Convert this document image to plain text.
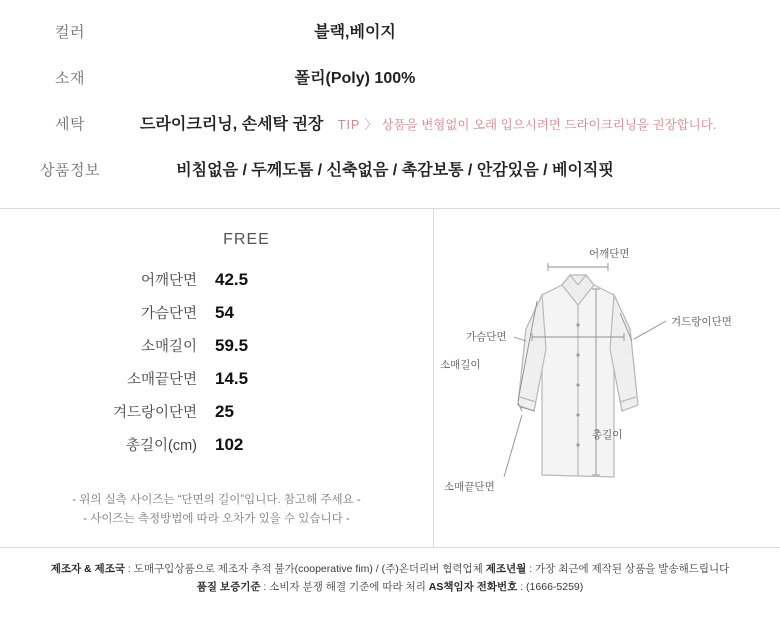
컬러	블랙,베이지
소재	폴리(Poly) 100%
세탁	드라이크리닝, 손세탁 권장 TIP 〉 상품을 변형없이 오래 입으시려면 드라이크리닝을 권장합니다.
상품정보	비침없음 / 두께도톰 / 신축없음 / 촉감보통 / 안감있음 / 베이직핏
FREE
어깨단면	42.5
가슴단면	54
소매길이	59.5
소매끝단면	14.5
겨드랑이단면	25
총길이(cm)	102
- 위의 실측 사이즈는 “단면의 길이”입니다. 참고해 주세요 -
- 사이즈는 측정방법에 따라 오차가 있을 수 있습니다 -
어깨단면
가슴단면
소매길이
겨드랑이단면
총길이
소매끝단면
제조자 & 제조국 : 도매구입상품으로 제조자 추적 불가(cooperative fim) / (주)온더리버 협력업체 제조년월 : 가장 최근에 제작된 상품을 발송해드립니다
품질 보증기준 : 소비자 분쟁 해결 기준에 따라 처리 AS책임자 전화번호 : (1666-5259)
